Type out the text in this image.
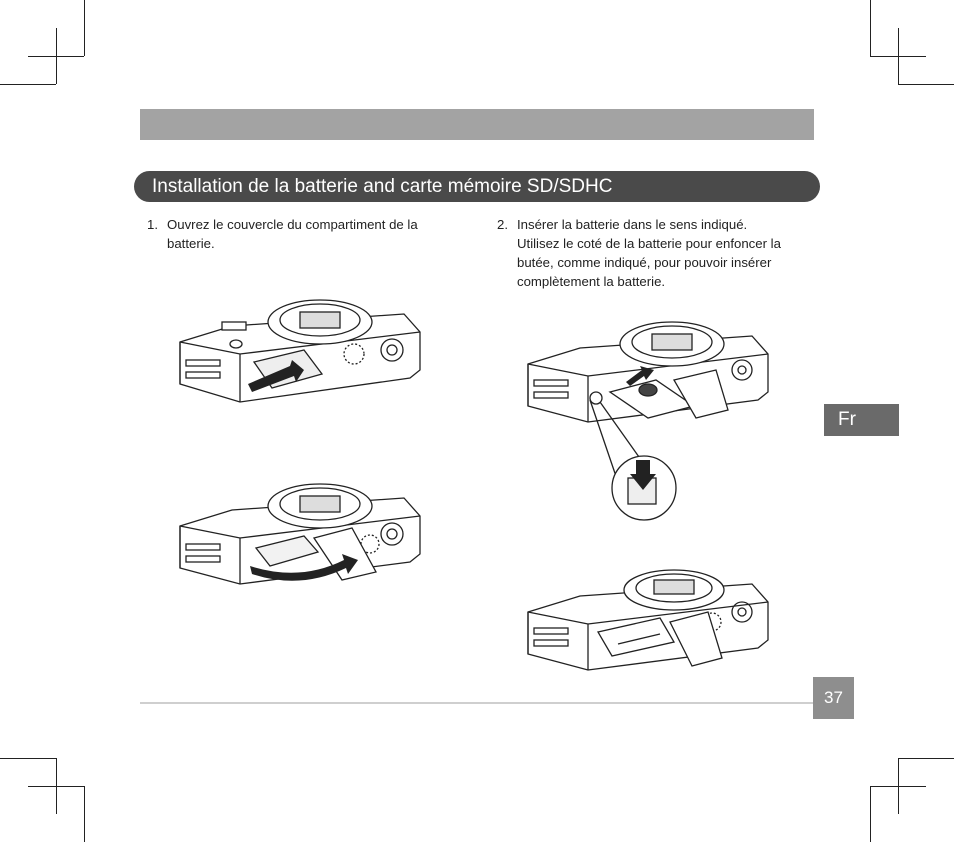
Installation de la batterie and carte mémoire SD/SDHC
1. Ouvrez le couvercle du compartiment de la
batterie.
2. Insérer la batterie dans le sens indiqué.
Utilisez le coté de la batterie pour enfoncer la
butée, comme indiqué, pour pouvoir insérer
complètement la batterie.
Fr
37
